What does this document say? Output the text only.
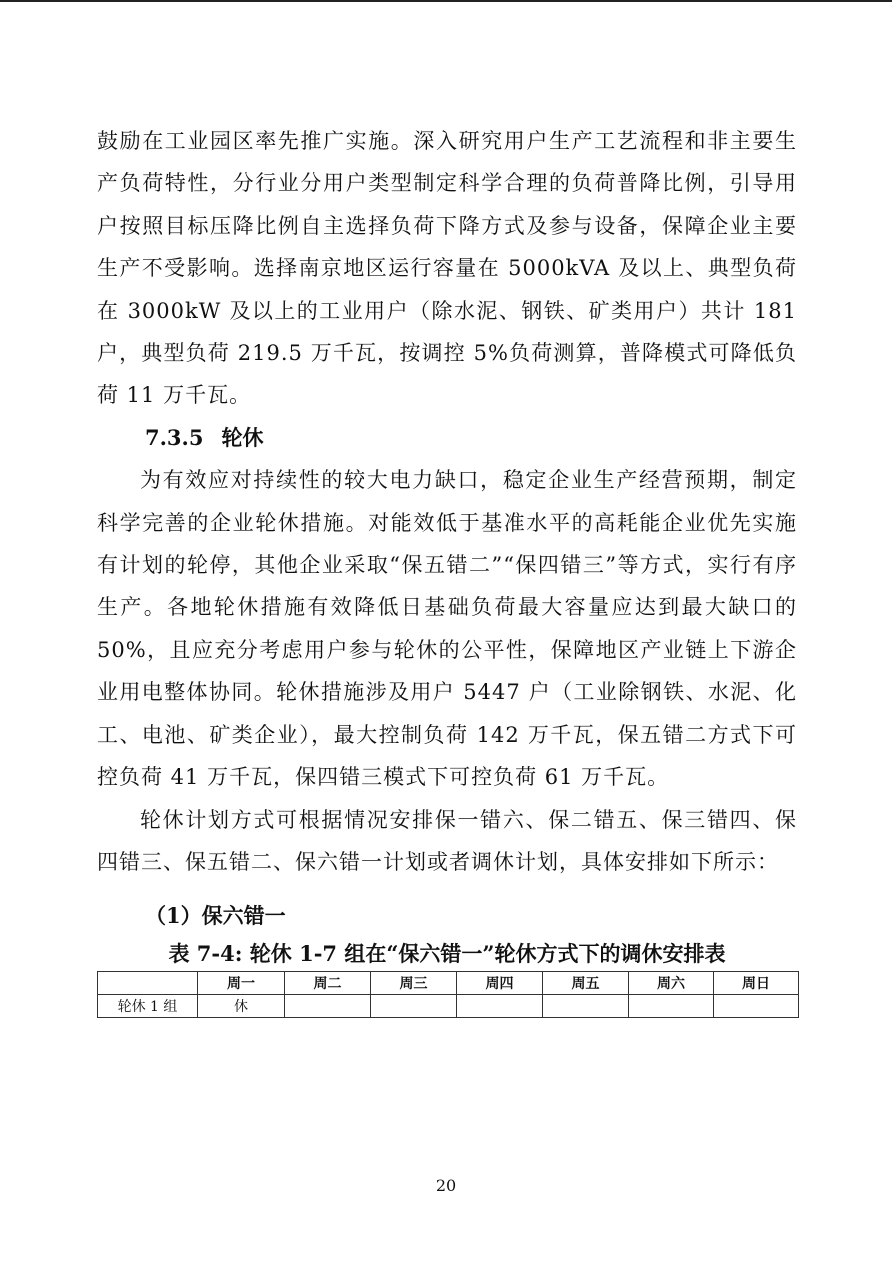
鼓励在工业园区率先推广实施。深入研究用户生产工艺流程和非主要生产负荷特性，分行业分用户类型制定科学合理的负荷普降比例，引导用户按照目标压降比例自主选择负荷下降方式及参与设备，保障企业主要生产不受影响。选择南京地区运行容量在 5000kVA 及以上、典型负荷在 3000kW 及以上的工业用户（除水泥、钢铁、矿类用户）共计 181 户，典型负荷 219.5 万千瓦，按调控 5%负荷测算，普降模式可降低负荷 11 万千瓦。

7.3.5 轮休

为有效应对持续性的较大电力缺口，稳定企业生产经营预期，制定科学完善的企业轮休措施。对能效低于基准水平的高耗能企业优先实施有计划的轮停，其他企业采取“保五错二”“保四错三”等方式，实行有序生产。各地轮休措施有效降低日基础负荷最大容量应达到最大缺口的 50%，且应充分考虑用户参与轮休的公平性，保障地区产业链上下游企业用电整体协同。轮休措施涉及用户 5447 户（工业除钢铁、水泥、化工、电池、矿类企业），最大控制负荷 142 万千瓦，保五错二方式下可控负荷 41 万千瓦，保四错三模式下可控负荷 61 万千瓦。

轮休计划方式可根据情况安排保一错六、保二错五、保三错四、保四错三、保五错二、保六错一计划或者调休计划，具体安排如下所示：

（1）保六错一

表 7-4: 轮休 1-7 组在“保六错一”轮休方式下的调休安排表

	周一	周二	周三	周四	周五	周六	周日
轮休 1 组	休						
20
